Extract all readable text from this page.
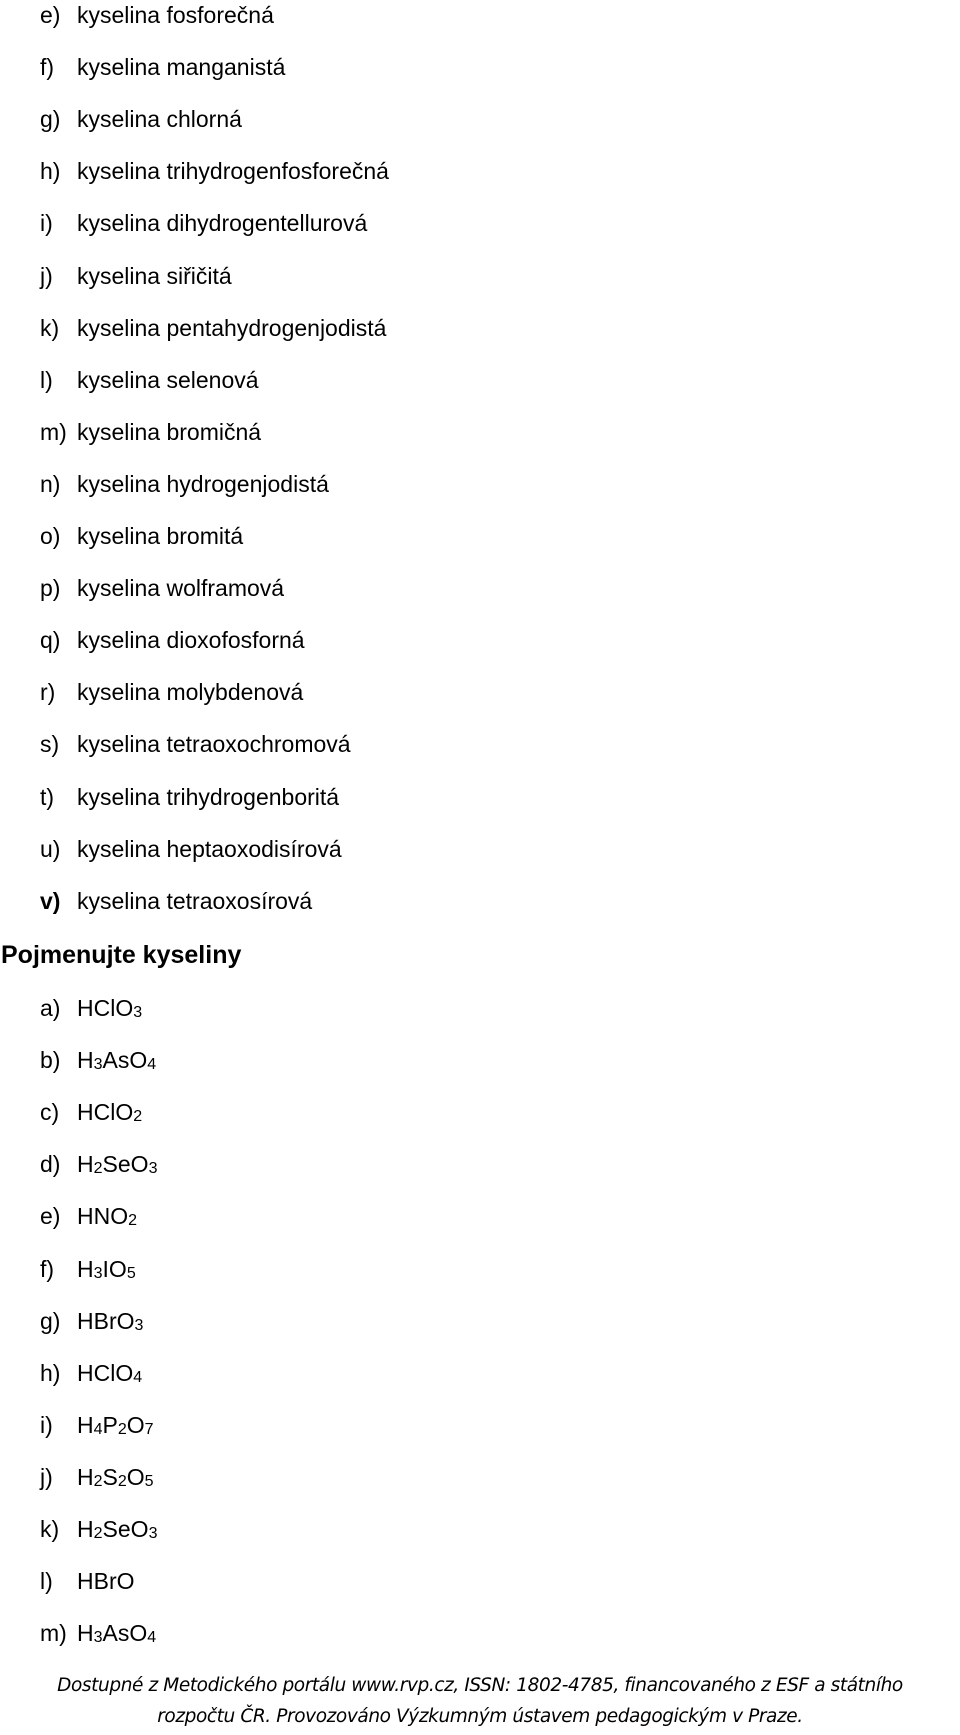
e) kyselina fosforečná
f) kyselina manganistá
g) kyselina chlorná
h) kyselina trihydrogenfosforečná
i) kyselina dihydrogentellurová
j) kyselina siřičitá
k) kyselina pentahydrogenjodistá
l) kyselina selenová
m) kyselina bromičná
n) kyselina hydrogenjodistá
o) kyselina bromitá
p) kyselina wolframová
q) kyselina dioxofosforná
r) kyselina molybdenová
s) kyselina tetraoxochromová
t) kyselina trihydrogenboritá
u) kyselina heptaoxodisírová
v) kyselina tetraoxosírová
Pojmenujte kyseliny
a) HClO3
b) H3AsO4
c) HClO2
d) H2SeO3
e) HNO2
f) H3IO5
g) HBrO3
h) HClO4
i) H4P2O7
j) H2S2O5
k) H2SeO3
l) HBrO
m) H3AsO4
Dostupné z Metodického portálu www.rvp.cz, ISSN: 1802-4785, financovaného z ESF a státního
rozpočtu ČR. Provozováno Výzkumným ústavem pedagogickým v Praze.
